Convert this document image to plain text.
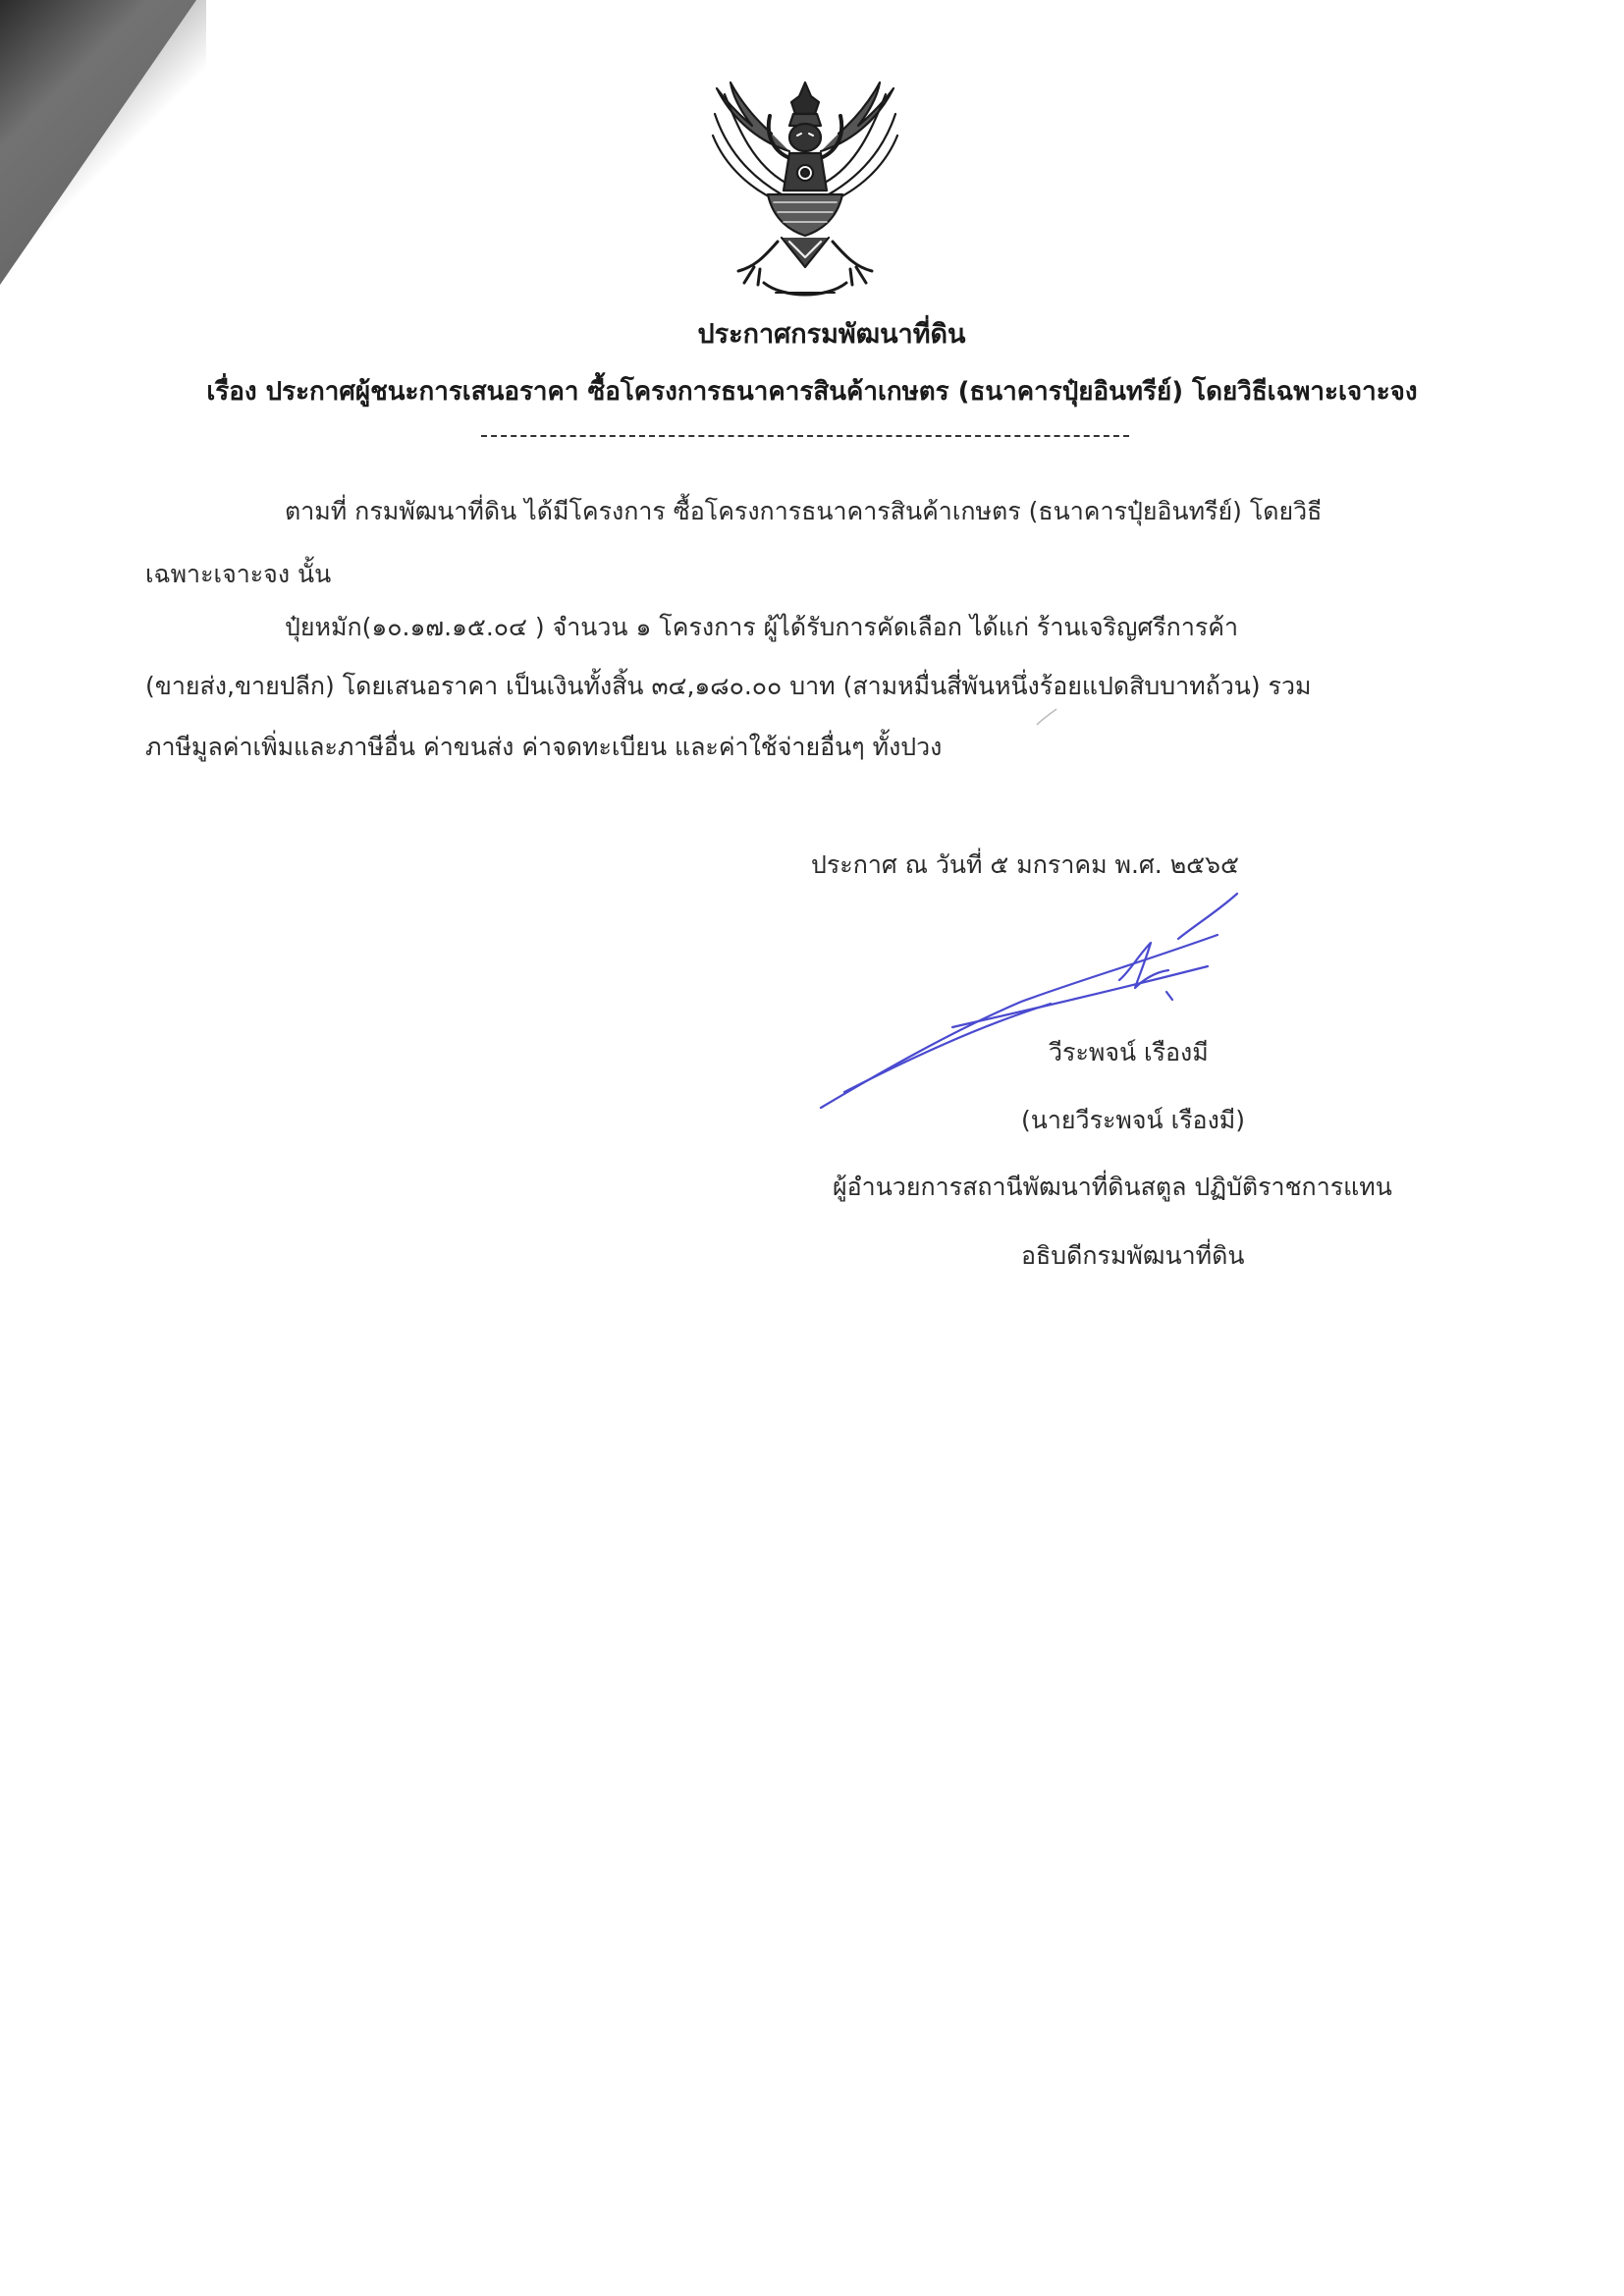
ประกาศกรมพัฒนาที่ดิน
เรื่อง ประกาศผู้ชนะการเสนอราคา ซื้อโครงการธนาคารสินค้าเกษตร (ธนาคารปุ๋ยอินทรีย์) โดยวิธีเฉพาะเจาะจง
ตามที่ กรมพัฒนาที่ดิน ได้มีโครงการ ซื้อโครงการธนาคารสินค้าเกษตร (ธนาคารปุ๋ยอินทรีย์) โดยวิธี
เฉพาะเจาะจง นั้น
ปุ๋ยหมัก(๑๐.๑๗.๑๕.๐๔ ) จำนวน ๑ โครงการ ผู้ได้รับการคัดเลือก ได้แก่ ร้านเจริญศรีการค้า
(ขายส่ง,ขายปลีก) โดยเสนอราคา เป็นเงินทั้งสิ้น ๓๔,๑๘๐.๐๐ บาท (สามหมื่นสี่พันหนึ่งร้อยแปดสิบบาทถ้วน) รวม
ภาษีมูลค่าเพิ่มและภาษีอื่น ค่าขนส่ง ค่าจดทะเบียน และค่าใช้จ่ายอื่นๆ ทั้งปวง
ประกาศ ณ วันที่ ๕ มกราคม พ.ศ. ๒๕๖๕
วีระพจน์ เรืองมี
(นายวีระพจน์ เรืองมี)
ผู้อำนวยการสถานีพัฒนาที่ดินสตูล ปฏิบัติราชการแทน
อธิบดีกรมพัฒนาที่ดิน
